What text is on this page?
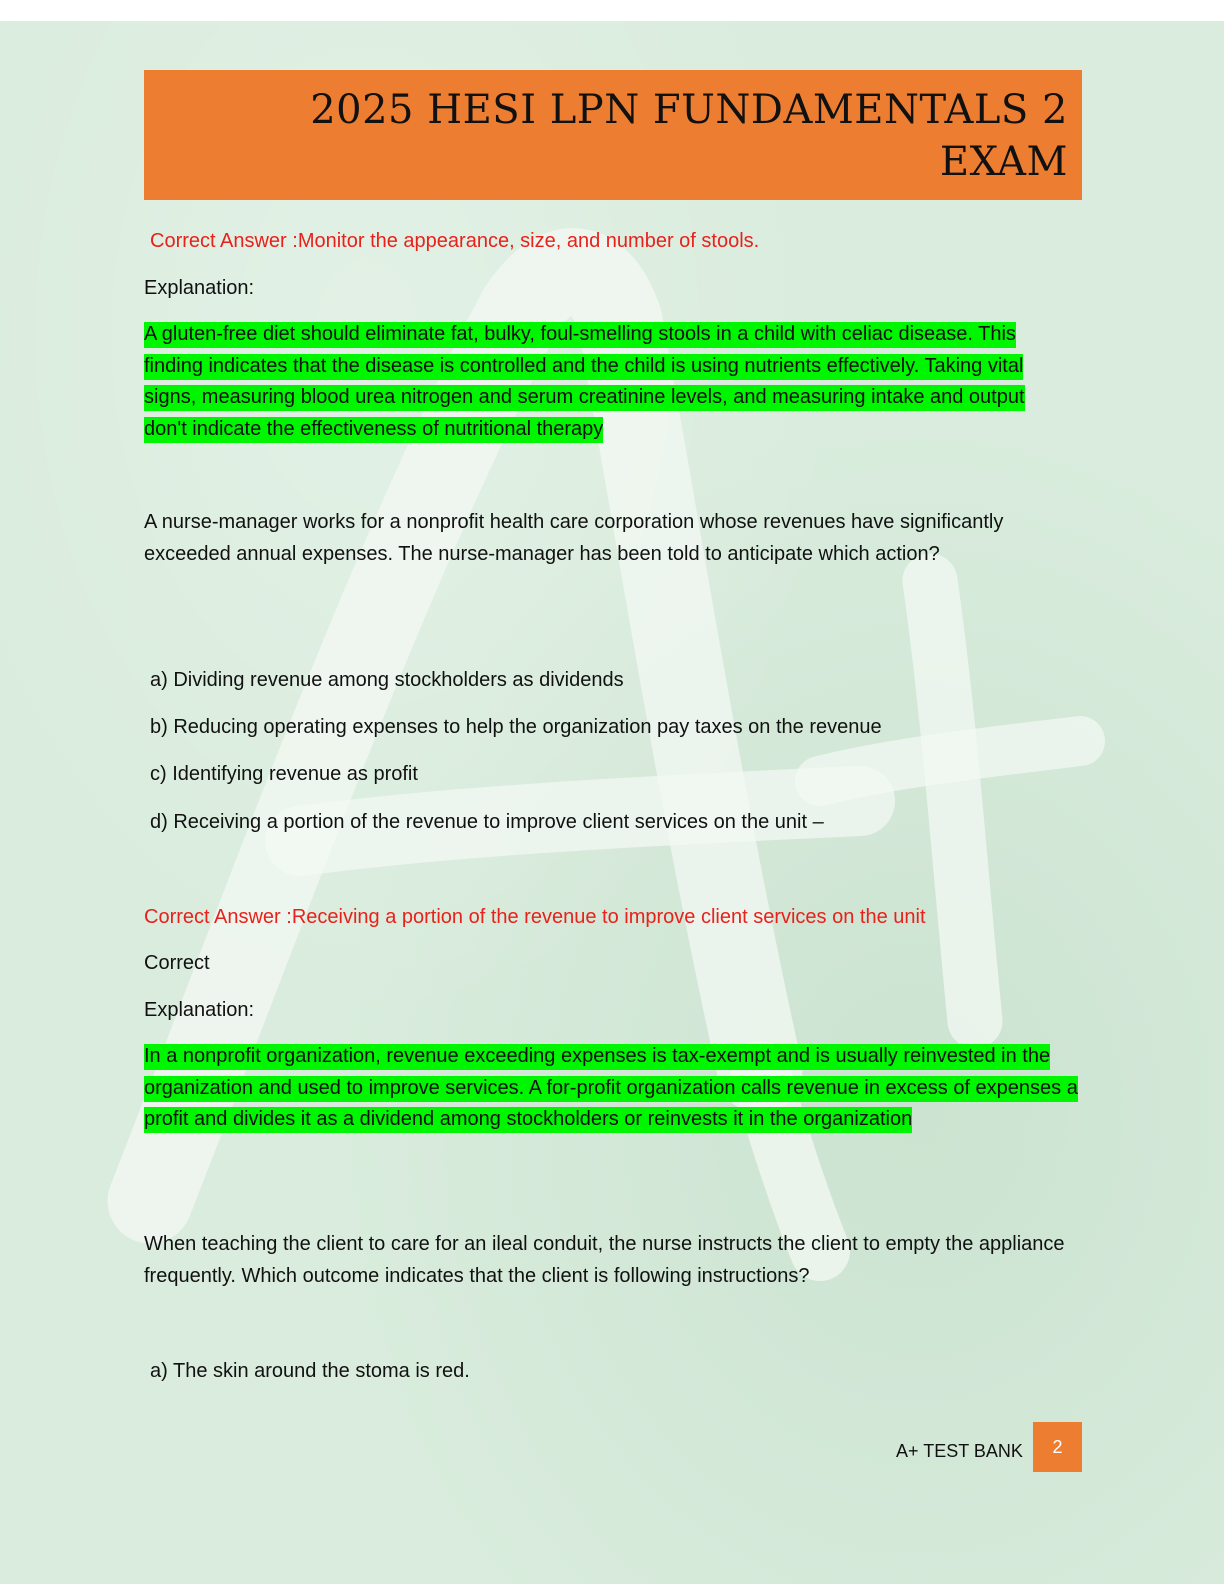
2025 HESI LPN FUNDAMENTALS 2
EXAM
Correct Answer :Monitor the appearance, size, and number of stools.
Explanation:
A gluten-free diet should eliminate fat, bulky, foul-smelling stools in a child with celiac disease. This finding indicates that the disease is controlled and the child is using nutrients effectively. Taking vital signs, measuring blood urea nitrogen and serum creatinine levels, and measuring intake and output don't indicate the effectiveness of nutritional therapy
A nurse-manager works for a nonprofit health care corporation whose revenues have significantly exceeded annual expenses. The nurse-manager has been told to anticipate which action?
a) Dividing revenue among stockholders as dividends
b) Reducing operating expenses to help the organization pay taxes on the revenue
c) Identifying revenue as profit
d) Receiving a portion of the revenue to improve client services on the unit –
Correct Answer :Receiving a portion of the revenue to improve client services on the unit
Correct
Explanation:
In a nonprofit organization, revenue exceeding expenses is tax-exempt and is usually reinvested in the organization and used to improve services. A for-profit organization calls revenue in excess of expenses a profit and divides it as a dividend among stockholders or reinvests it in the organization
When teaching the client to care for an ileal conduit, the nurse instructs the client to empty the appliance frequently. Which outcome indicates that the client is following instructions?
a) The skin around the stoma is red.
A+ TEST BANK	2
